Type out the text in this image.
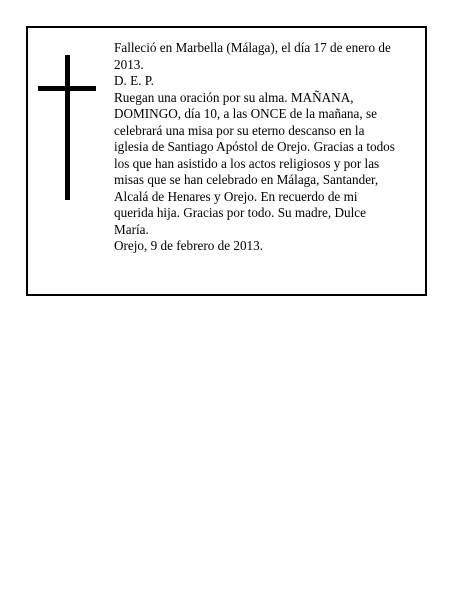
Falleció en Marbella (Málaga), el día 17 de enero de 2013.

D. E. P.

Ruegan una oración por su alma. MAÑANA, DOMINGO, día 10, a las ONCE de la mañana, se celebrará una misa por su eterno descanso en la iglesia de Santiago Apóstol de Orejo. Gracias a todos los que han asistido a los actos religiosos y por las misas que se han celebrado en Málaga, Santander, Alcalá de Henares y Orejo. En recuerdo de mi querida hija. Gracias por todo. Su madre, Dulce María.

Orejo, 9 de febrero de 2013.
